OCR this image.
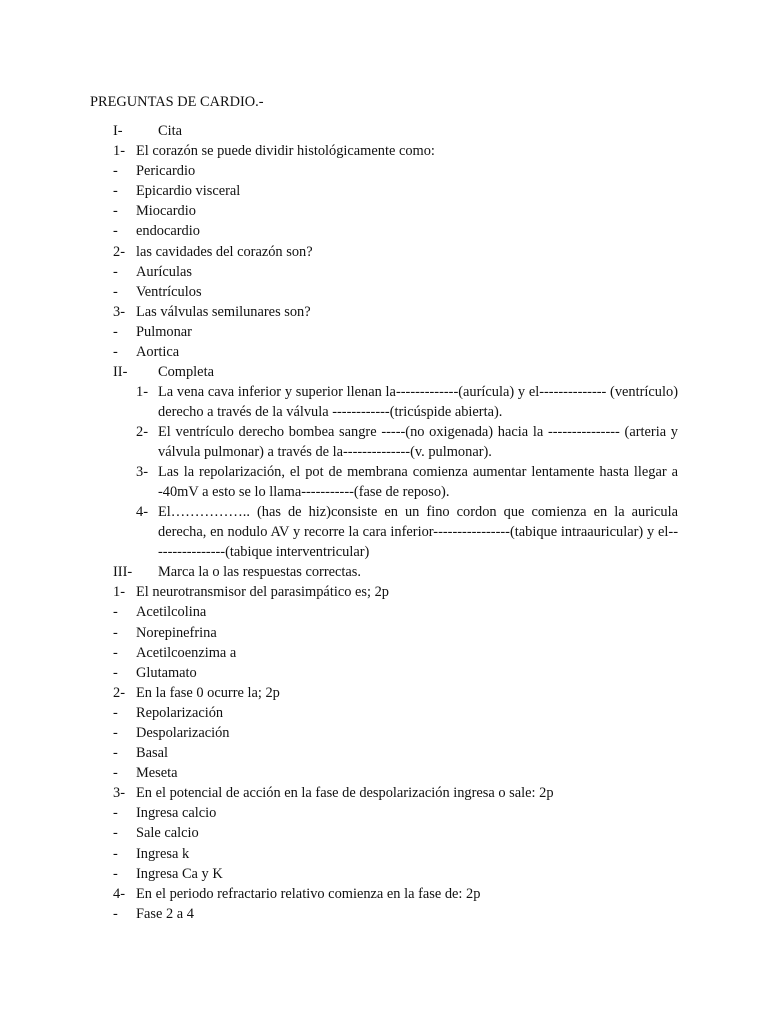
PREGUNTAS DE CARDIO.-
I- Cita
1- El corazón se puede dividir histológicamente como:
- Pericardio
- Epicardio visceral
- Miocardio
- endocardio
2- las cavidades del corazón son?
- Aurículas
- Ventrículos
3- Las válvulas semilunares son?
- Pulmonar
- Aortica
II- Completa
1- La vena cava inferior y superior llenan la-------------(aurícula) y el-------------- (ventrículo) derecho a través de la válvula ------------(tricúspide abierta).
2- El ventrículo derecho bombea sangre -----(no oxigenada) hacia la --------------- (arteria y válvula pulmonar) a través de la--------------(v. pulmonar).
3- Las la repolarización, el pot de membrana comienza aumentar lentamente hasta llegar a -40mV a esto se lo llama-----------(fase de reposo).
4- El…………….. (has de hiz)consiste en un fino cordon que comienza en la auricula derecha, en nodulo AV y recorre la cara inferior----------------(tabique intraauricular) y el----------------(tabique interventricular)
III- Marca la o las respuestas correctas.
1- El neurotransmisor del parasimpático es; 2p
- Acetilcolina
- Norepinefrina
- Acetilcoenzima a
- Glutamato
2- En la fase 0 ocurre la; 2p
- Repolarización
- Despolarización
- Basal
- Meseta
3- En el potencial de acción en la fase de despolarización ingresa o sale: 2p
- Ingresa calcio
- Sale calcio
- Ingresa k
- Ingresa Ca y K
4- En el periodo refractario relativo comienza en la fase de: 2p
- Fase 2 a 4
